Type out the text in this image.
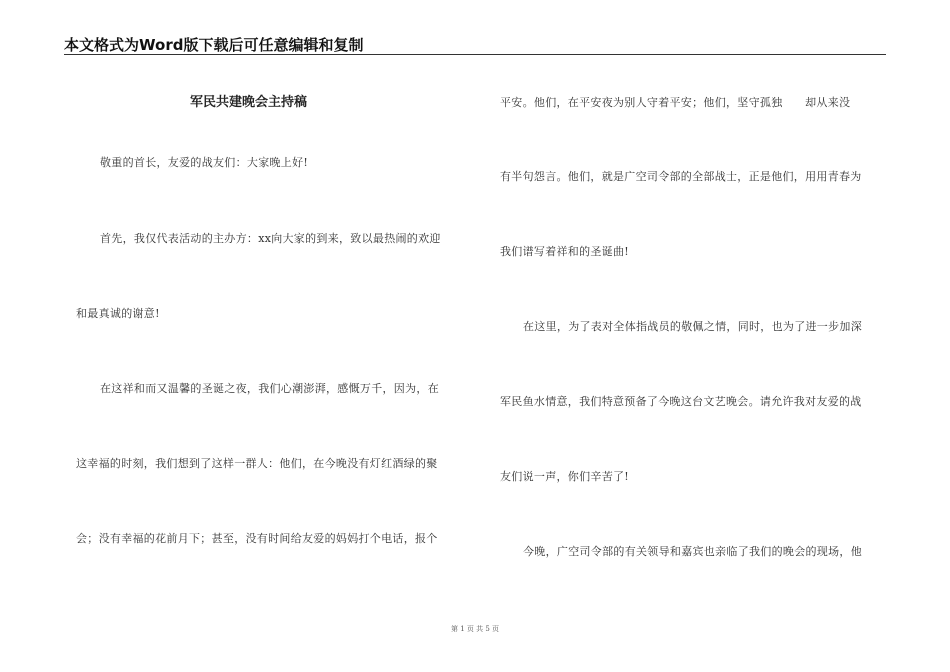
本文格式为Word版下载后可任意编辑和复制
军民共建晚会主持稿
敬重的首长，友爱的战友们：大家晚上好!
首先，我仅代表活动的主办方：xx向大家的到来，致以最热闹的欢迎
和最真诚的谢意!
在这祥和而又温馨的圣诞之夜，我们心潮澎湃，感慨万千，因为，在
这幸福的时刻，我们想到了这样一群人：他们，在今晚没有灯红酒绿的聚
会；没有幸福的花前月下；甚至，没有时间给友爱的妈妈打个电话，报个
平安。他们，在平安夜为别人守着平安；他们，坚守孤独　　却从来没
有半句怨言。他们，就是广空司令部的全部战士，正是他们，用用青春为
我们谱写着祥和的圣诞曲!
在这里，为了表对全体指战员的敬佩之情，同时，也为了进一步加深
军民鱼水情意，我们特意预备了今晚这台文艺晚会。请允许我对友爱的战
友们说一声，你们辛苦了!
今晚，广空司令部的有关领导和嘉宾也亲临了我们的晚会的现场，他
第 1 页 共 5 页
